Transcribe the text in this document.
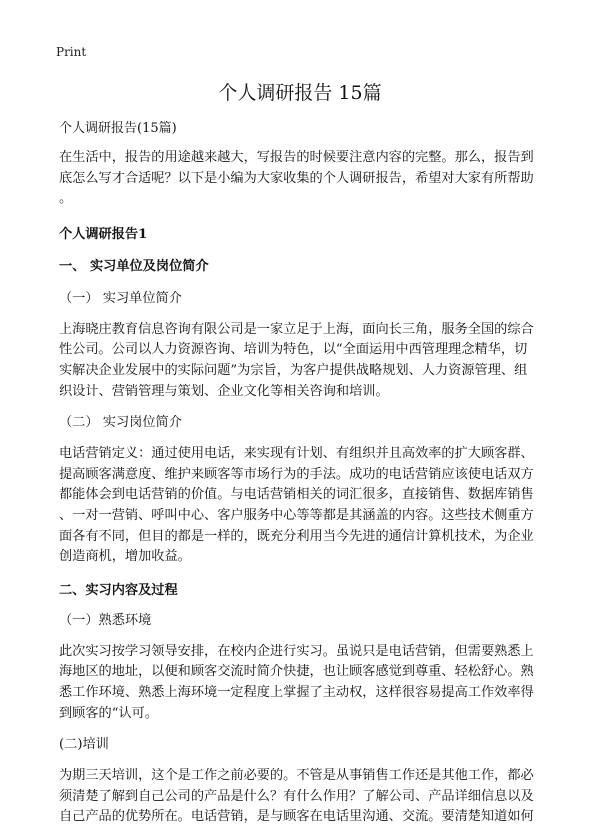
Print
个人调研报告 15篇

个人调研报告(15篇)

在生活中，报告的用途越来越大，写报告的时候要注意内容的完整。那么，报告到
底怎么写才合适呢？以下是小编为大家收集的个人调研报告，希望对大家有所帮助
。

个人调研报告1

一、 实习单位及岗位简介

（一） 实习单位简介

上海晓庄教育信息咨询有限公司是一家立足于上海，面向长三角，服务全国的综合
性公司。公司以人力资源咨询、培训为特色，以“全面运用中西管理理念精华，切
实解决企业发展中的实际问题”为宗旨，为客户提供战略规划、人力资源管理、组
织设计、营销管理与策划、企业文化等相关咨询和培训。

（二） 实习岗位简介

电话营销定义：通过使用电话，来实现有计划、有组织并且高效率的扩大顾客群、
提高顾客满意度、维护来顾客等市场行为的手法。成功的电话营销应该使电话双方
都能体会到电话营销的价值。与电话营销相关的词汇很多，直接销售、数据库销售
、一对一营销、呼叫中心、客户服务中心等等都是其涵盖的内容。这些技术侧重方
面各有不同，但目的都是一样的，既充分利用当今先进的通信计算机技术，为企业
创造商机，增加收益。

二、实习内容及过程

（一）熟悉环境

此次实习按学习领导安排，在校内企进行实习。虽说只是电话营销，但需要熟悉上
海地区的地址，以便和顾客交流时简介快捷，也让顾客感觉到尊重、轻松舒心。熟
悉工作环境、熟悉上海环境一定程度上掌握了主动权，这样很容易提高工作效率得
到顾客的“认可。

(二)培训

为期三天培训，这个是工作之前必要的。不管是从事销售工作还是其他工作，都必
须清楚了解到自己公司的产品是什么？有什么作用？了解公司、产品详细信息以及
自己产品的优势所在。电话营销，是与顾客在电话里沟通、交流。要清楚知道如何
